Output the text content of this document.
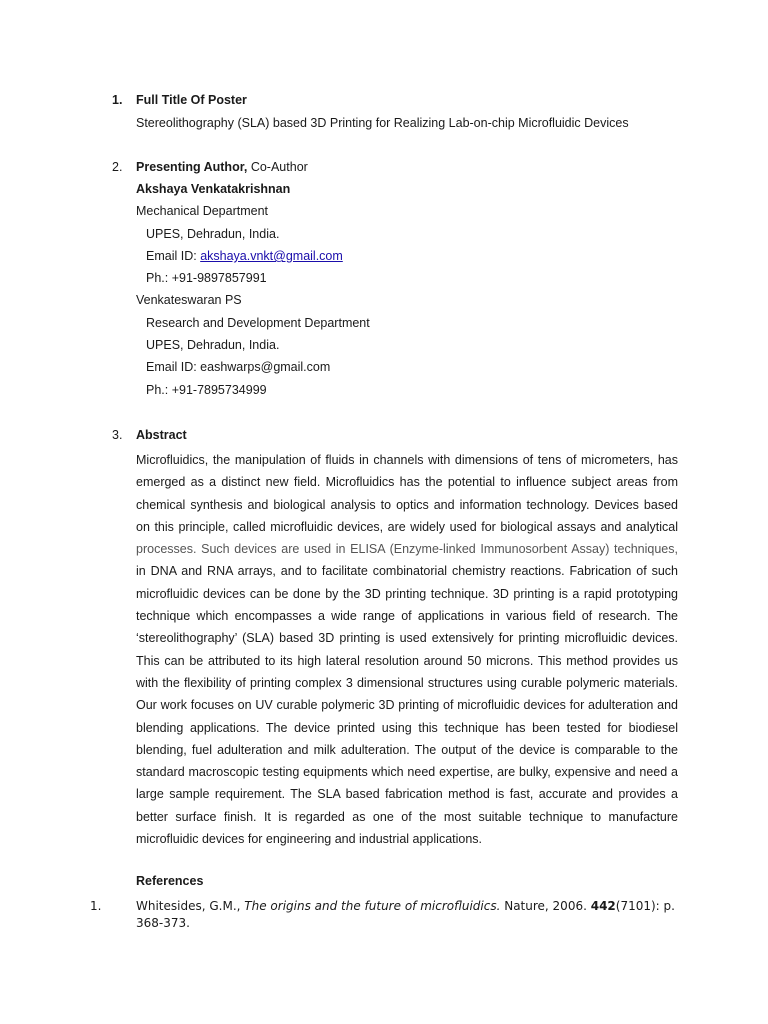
1. Full Title Of Poster
Stereolithography (SLA) based 3D Printing for Realizing Lab-on-chip Microfluidic Devices
2. Presenting Author, Co-Author
Akshaya Venkatakrishnan
Mechanical Department
UPES, Dehradun, India.
Email ID: akshaya.vnkt@gmail.com
Ph.: +91-9897857991
Venkateswaran PS
Research and Development Department
UPES, Dehradun, India.
Email ID: eashwarps@gmail.com
Ph.: +91-7895734999
3. Abstract
Microfluidics, the manipulation of fluids in channels with dimensions of tens of micrometers, has
emerged as a distinct new field. Microfluidics has the potential to influence subject areas from
chemical synthesis and biological analysis to optics and information technology. Devices based
on this principle, called microfluidic devices, are widely used for biological assays and analytical
processes. Such devices are used in ELISA (Enzyme-linked Immunosorbent Assay) techniques,
in DNA and RNA arrays, and to facilitate combinatorial chemistry reactions. Fabrication of such
microfluidic devices can be done by the 3D printing technique. 3D printing is a rapid prototyping
technique which encompasses a wide range of applications in various field of research. The
‘stereolithography’ (SLA) based 3D printing is used extensively for printing microfluidic devices.
This can be attributed to its high lateral resolution around 50 microns. This method provides us
with the flexibility of printing complex 3 dimensional structures using curable polymeric materials.
Our work focuses on UV curable polymeric 3D printing of microfluidic devices for adulteration and
blending applications. The device printed using this technique has been tested for biodiesel
blending, fuel adulteration and milk adulteration. The output of the device is comparable to the
standard macroscopic testing equipments which need expertise, are bulky, expensive and need a
large sample requirement. The SLA based fabrication method is fast, accurate and provides a
better surface finish. It is regarded as one of the most suitable technique to manufacture
microfluidic devices for engineering and industrial applications.
References
1.	Whitesides, G.M., The origins and the future of microfluidics. Nature, 2006. 442(7101): p. 368-373.
